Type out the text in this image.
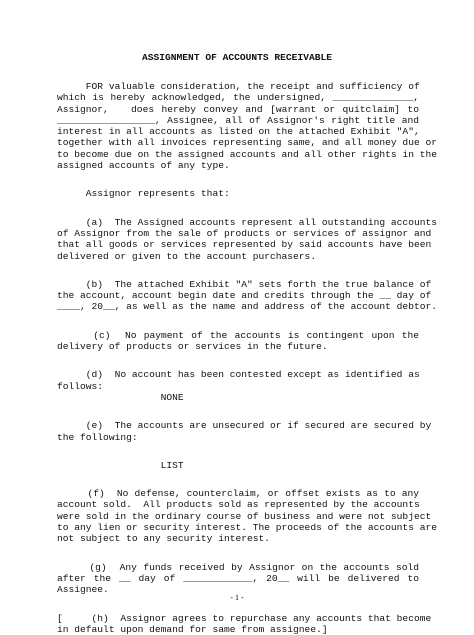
ASSIGNMENT OF ACCOUNTS RECEIVABLE
FOR valuable consideration, the receipt and sufficiency of
which is hereby acknowledged, the undersigned, ______________,
Assignor,   does hereby convey and [warrant or quitclaim] to
_________________, Assignee, all of Assignor's right title and
interest in all accounts as listed on the attached Exhibit "A",
together with all invoices representing same, and all money due or
to become due on the assigned accounts and all other rights in the
assigned accounts of any type.
Assignor represents that:
(a)  The Assigned accounts represent all outstanding accounts
of Assignor from the sale of products or services of assignor and
that all goods or services represented by said accounts have been
delivered or given to the account purchasers.
(b)  The attached Exhibit "A" sets forth the true balance of
the account, account begin date and credits through the __ day of
____, 20__, as well as the name and address of the account debtor.
(c)  No payment of the accounts is contingent upon the
delivery of products or services in the future.
(d)  No account has been contested except as identified as
follows:
NONE
(e)  The accounts are unsecured or if secured are secured by
the following:
LIST
(f)  No defense, counterclaim, or offset exists as to any
account sold.  All products sold as represented by the accounts
were sold in the ordinary course of business and were not subject
to any lien or security interest. The proceeds of the accounts are
not subject to any security interest.
(g)  Any funds received by Assignor on the accounts sold
after the __ day of ____________, 20__ will be delivered to
Assignee.
[     (h)  Assignor agrees to repurchase any accounts that become
in default upon demand for same from assignee.]
- 1 -
